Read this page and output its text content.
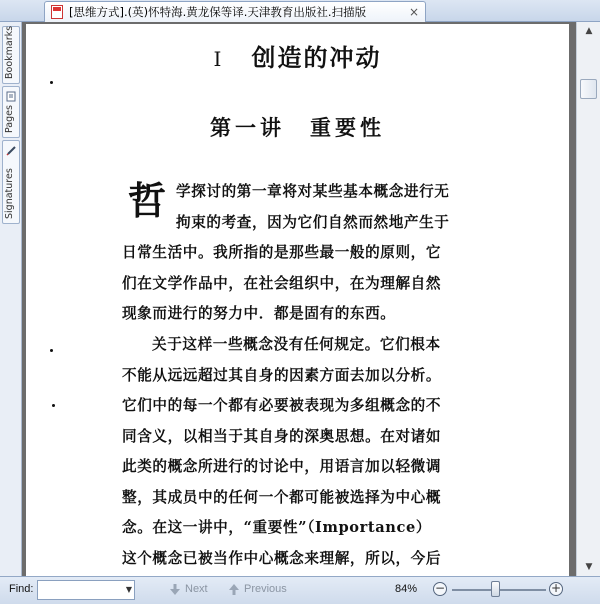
[思维方式].(英)怀特海.黄龙保等译.天津教育出版社.扫描版	×
Bookmarks
Pages
Signatures
I 创造的冲动
第一讲　重要性
哲 学探讨的第一章将对某些基本概念进行无
拘束的考查，因为它们自然而然地产生于
日常生活中。我所指的是那些最一般的原则，它
们在文学作品中，在社会组织中，在为理解自然
现象而进行的努力中．都是固有的东西。
关于这样一些概念没有任何规定。它们根本
不能从远远超过其自身的因素方面去加以分析。
它们中的每一个都有必要被表现为多组概念的不
同含义，以相当于其自身的深奥思想。在对诸如
此类的概念所进行的讨论中，用语言加以轻微调
整，其成员中的任何一个都可能被选择为中心概
念。在这一讲中，“重要性”（Importance）
这个概念已被当作中心概念来理解，所以，今后
▲
▼
Find:	▼	Next	Previous	84% −	+
